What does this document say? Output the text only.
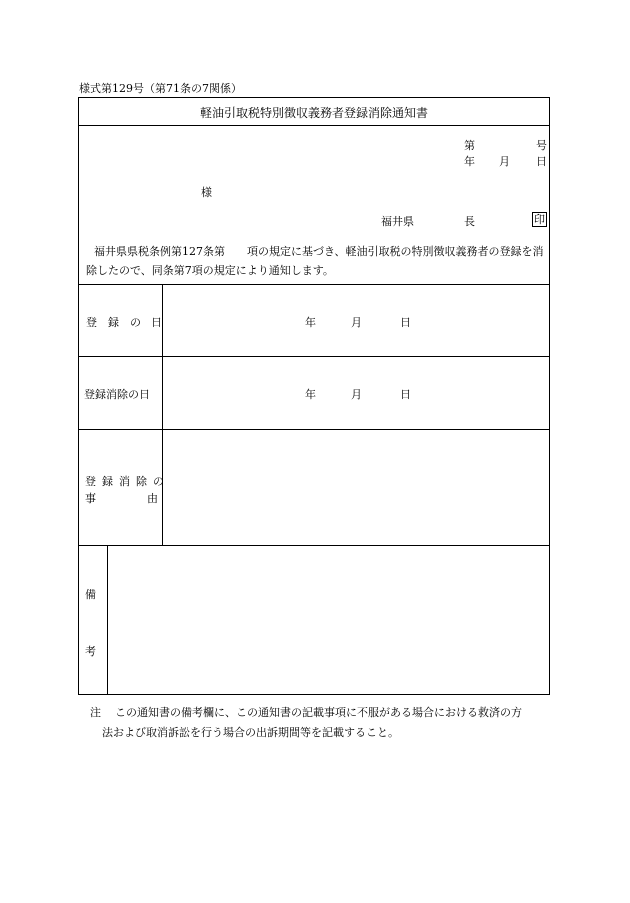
様式第129号（第71条の7関係）
軽油引取税特別徴収義務者登録消除通知書
第	号
年 月 日
様
福井県	長	印
福井県県税条例第127条第　　項の規定に基づき、軽油引取税の特別徴収義務者の登録を消除したので、同条第7項の規定により通知します。
登 録 の 日	年	月	日
登録消除の日	年	月	日
登 録 消 除 の
事	由
備
考
注 この通知書の備考欄に、この通知書の記載事項に不服がある場合における救済の方
法および取消訴訟を行う場合の出訴期間等を記載すること。
